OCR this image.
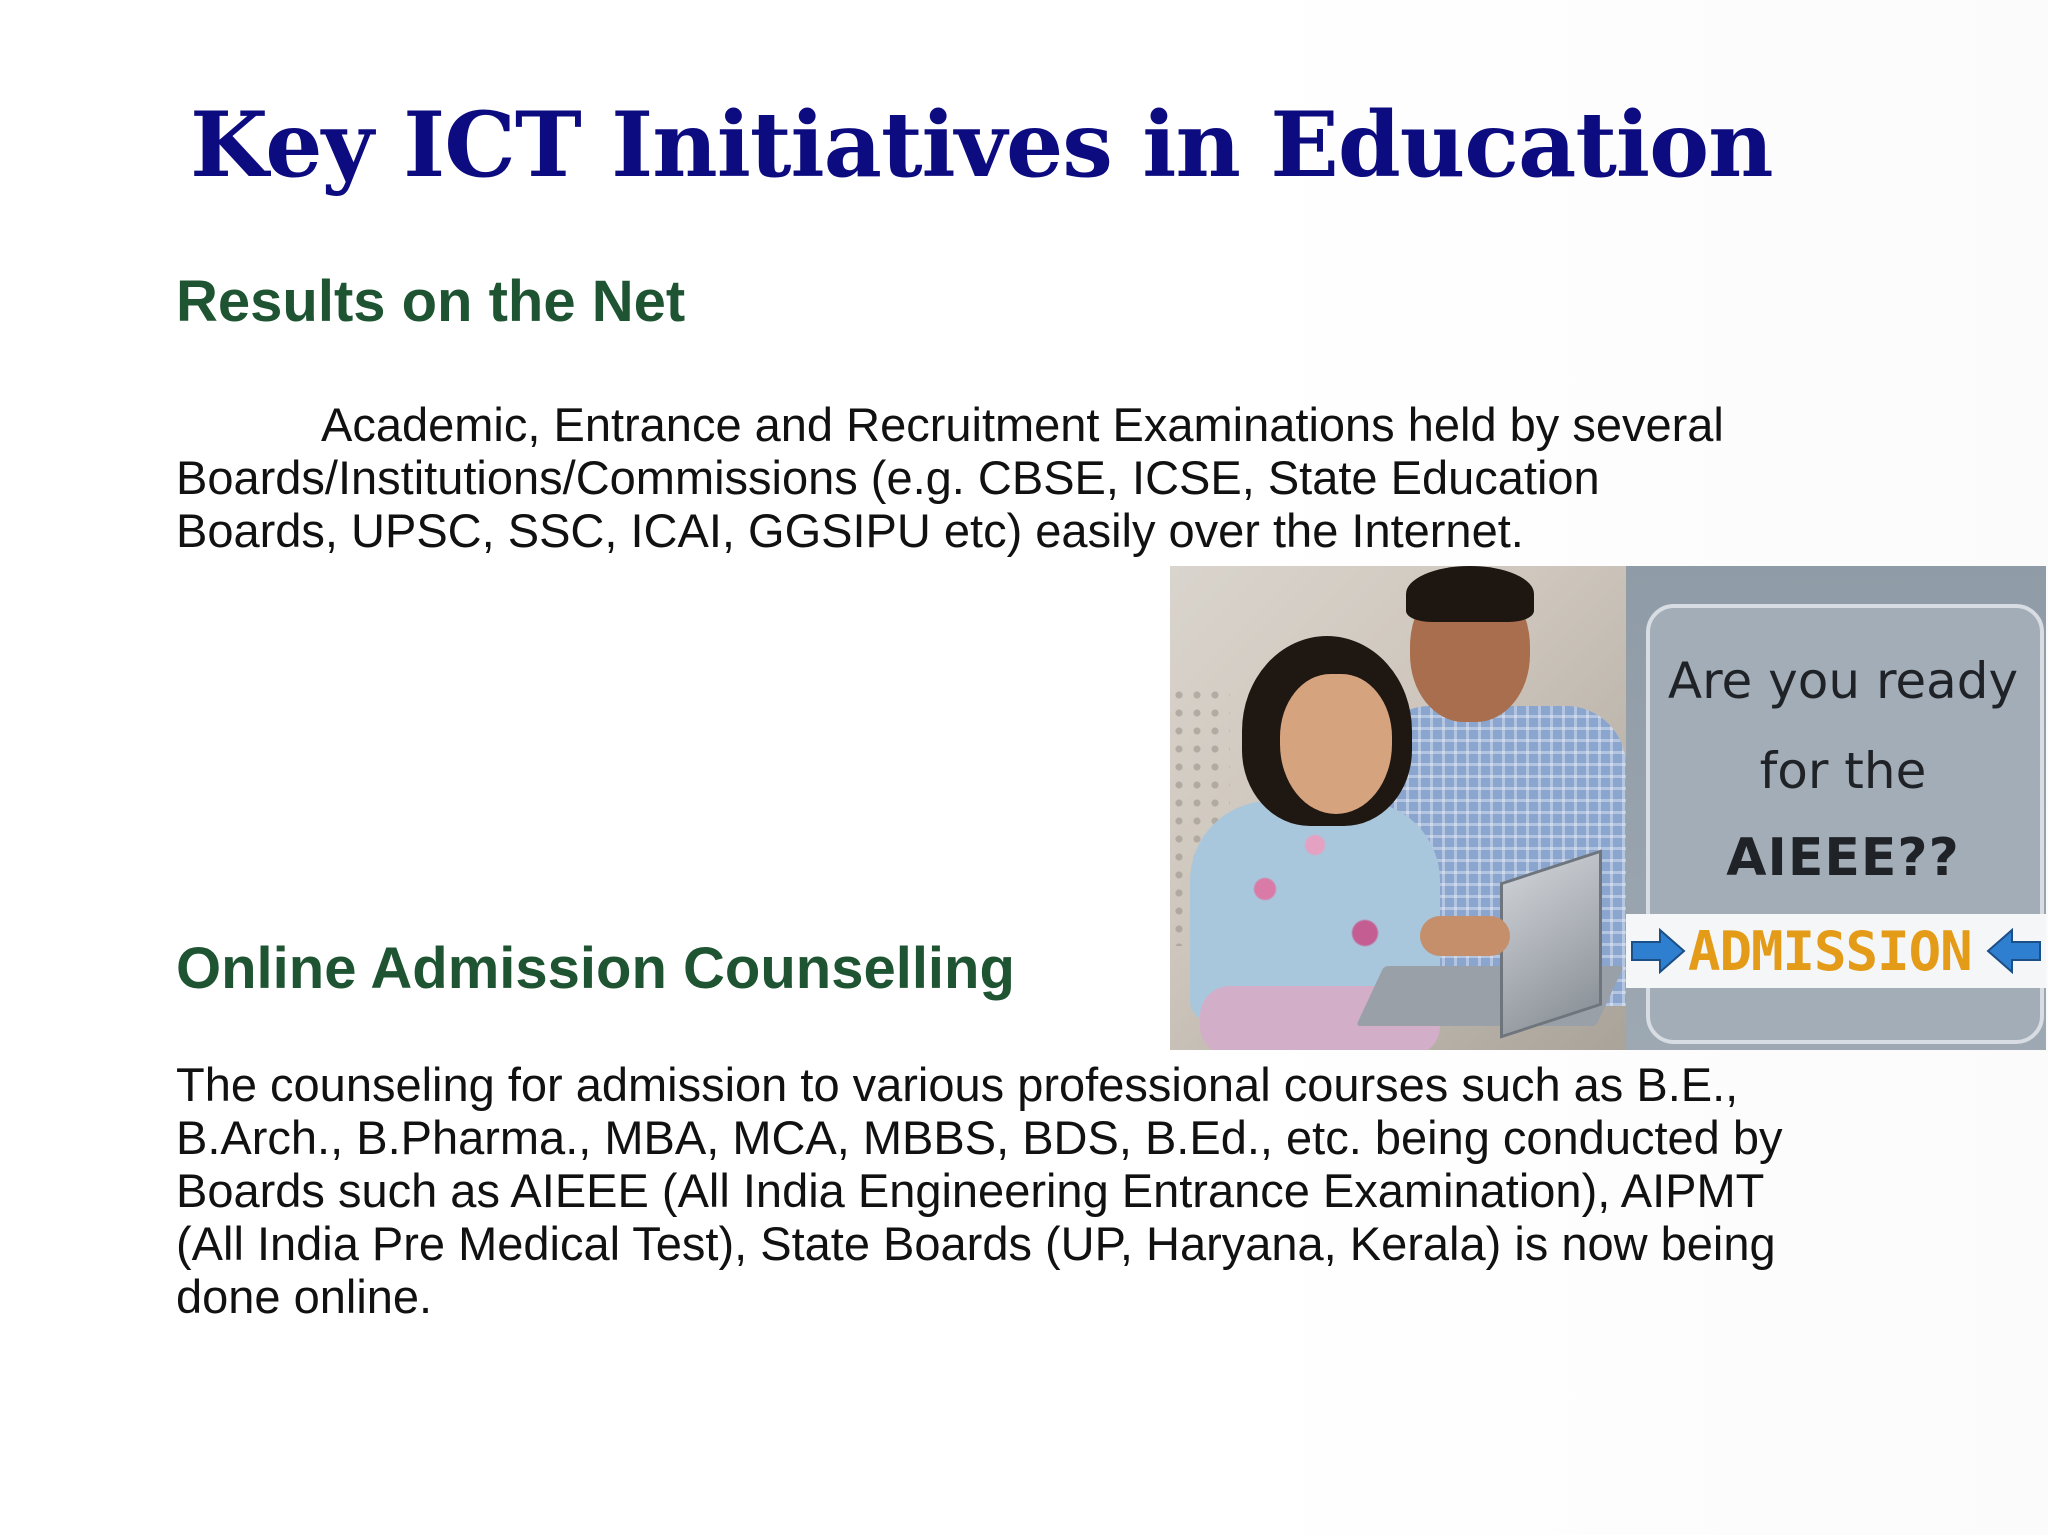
Key ICT Initiatives in Education
Results on the Net

Academic, Entrance and Recruitment Examinations held by several Boards/Institutions/Commissions (e.g. CBSE, ICSE, State Education Boards, UPSC, SSC, ICAI, GGSIPU etc) easily over the Internet.

Are you ready
for the
AIEEE??
ADMISSION
Online Admission Counselling

The counseling for admission to various professional courses such as B.E., B.Arch., B.Pharma., MBA, MCA, MBBS, BDS, B.Ed., etc. being conducted by Boards such as AIEEE (All India Engineering Entrance Examination), AIPMT (All India Pre Medical Test), State Boards (UP, Haryana, Kerala) is now being done online.
